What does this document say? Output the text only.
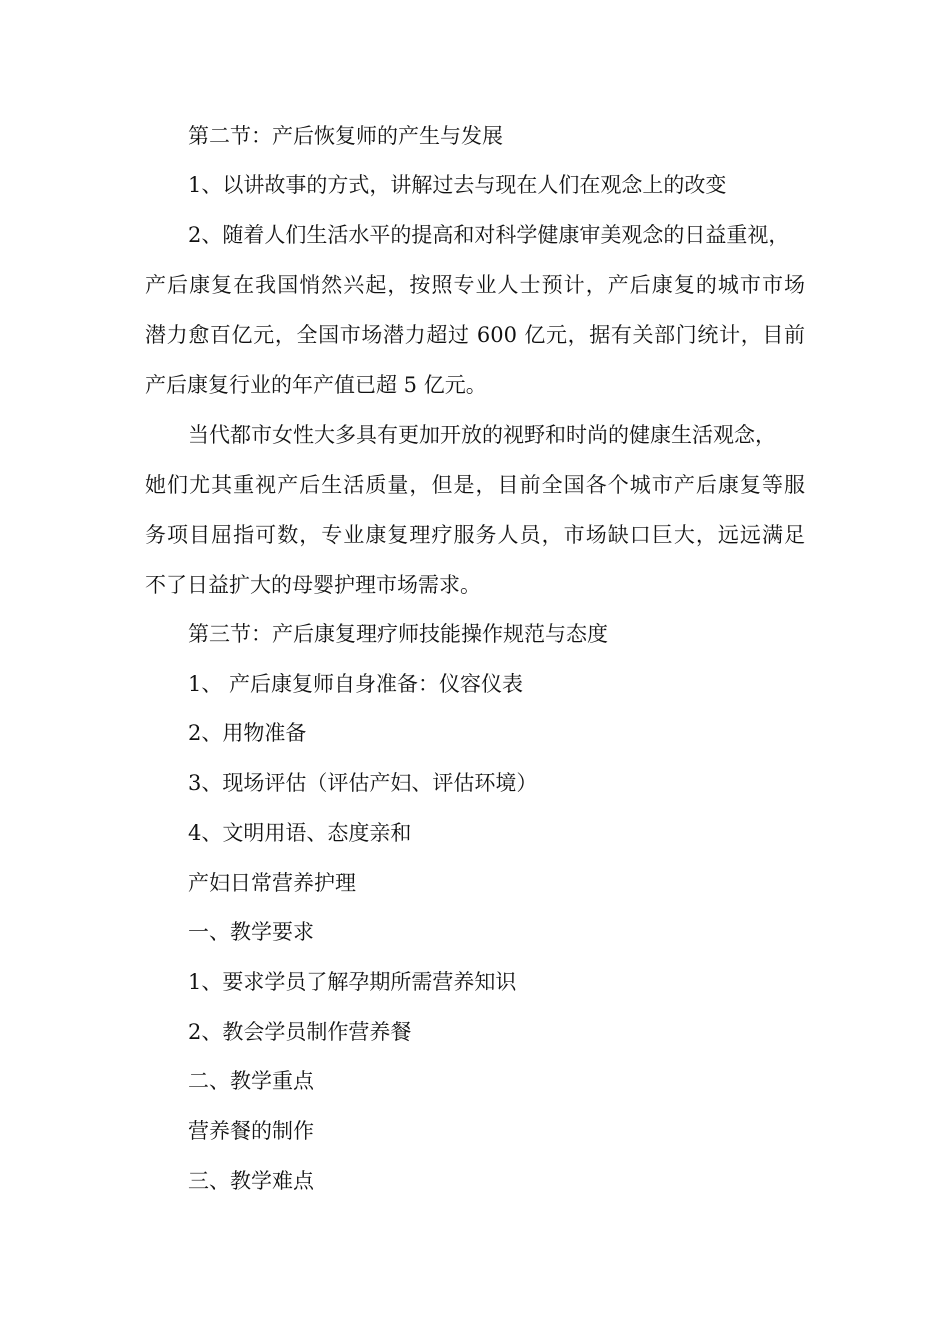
第二节：产后恢复师的产生与发展
1、以讲故事的方式，讲解过去与现在人们在观念上的改变
2、随着人们生活水平的提高和对科学健康审美观念的日益重视，
产后康复在我国悄然兴起，按照专业人士预计，产后康复的城市市场
潜力愈百亿元，全国市场潜力超过 600 亿元，据有关部门统计，目前
产后康复行业的年产值已超 5 亿元。
当代都市女性大多具有更加开放的视野和时尚的健康生活观念，
她们尤其重视产后生活质量，但是，目前全国各个城市产后康复等服
务项目屈指可数，专业康复理疗服务人员，市场缺口巨大，远远满足
不了日益扩大的母婴护理市场需求。
第三节：产后康复理疗师技能操作规范与态度
1、 产后康复师自身准备：仪容仪表
2、用物准备
3、现场评估（评估产妇、评估环境）
4、文明用语、态度亲和
产妇日常营养护理
一、教学要求
1、要求学员了解孕期所需营养知识
2、教会学员制作营养餐
二、教学重点
营养餐的制作
三、教学难点
